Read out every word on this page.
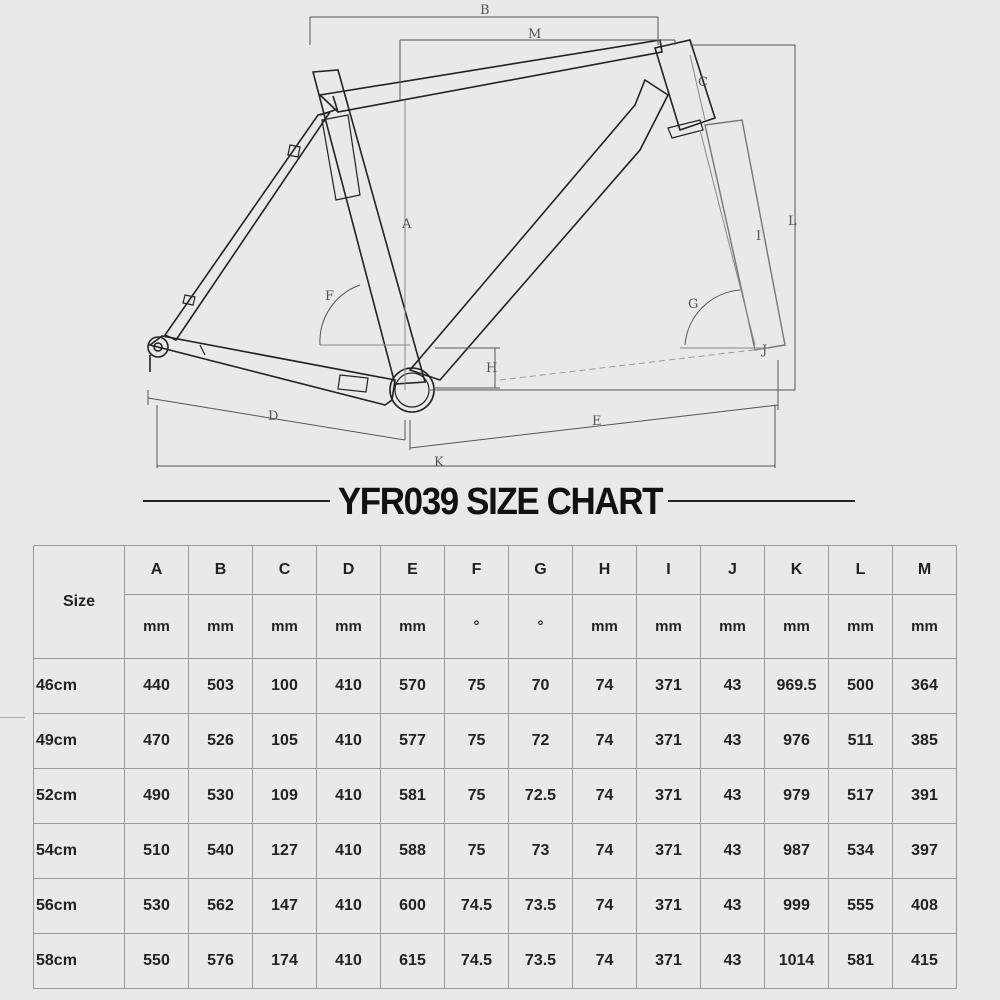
B
M
C
A	L
I
F
G
H
J
D	E
K
YFR039 SIZE CHART
Size	A	B	C	D	E	F	G	H	I	J	K	L	M
	mm	mm	mm	mm	mm	°	°	mm	mm	mm	mm	mm	mm
46cm	440	503	100	410	570	75	70	74	371	43	969.5	500	364
49cm	470	526	105	410	577	75	72	74	371	43	976	511	385
52cm	490	530	109	410	581	75	72.5	74	371	43	979	517	391
54cm	510	540	127	410	588	75	73	74	371	43	987	534	397
56cm	530	562	147	410	600	74.5	73.5	74	371	43	999	555	408
58cm	550	576	174	410	615	74.5	73.5	74	371	43	1014	581	415
